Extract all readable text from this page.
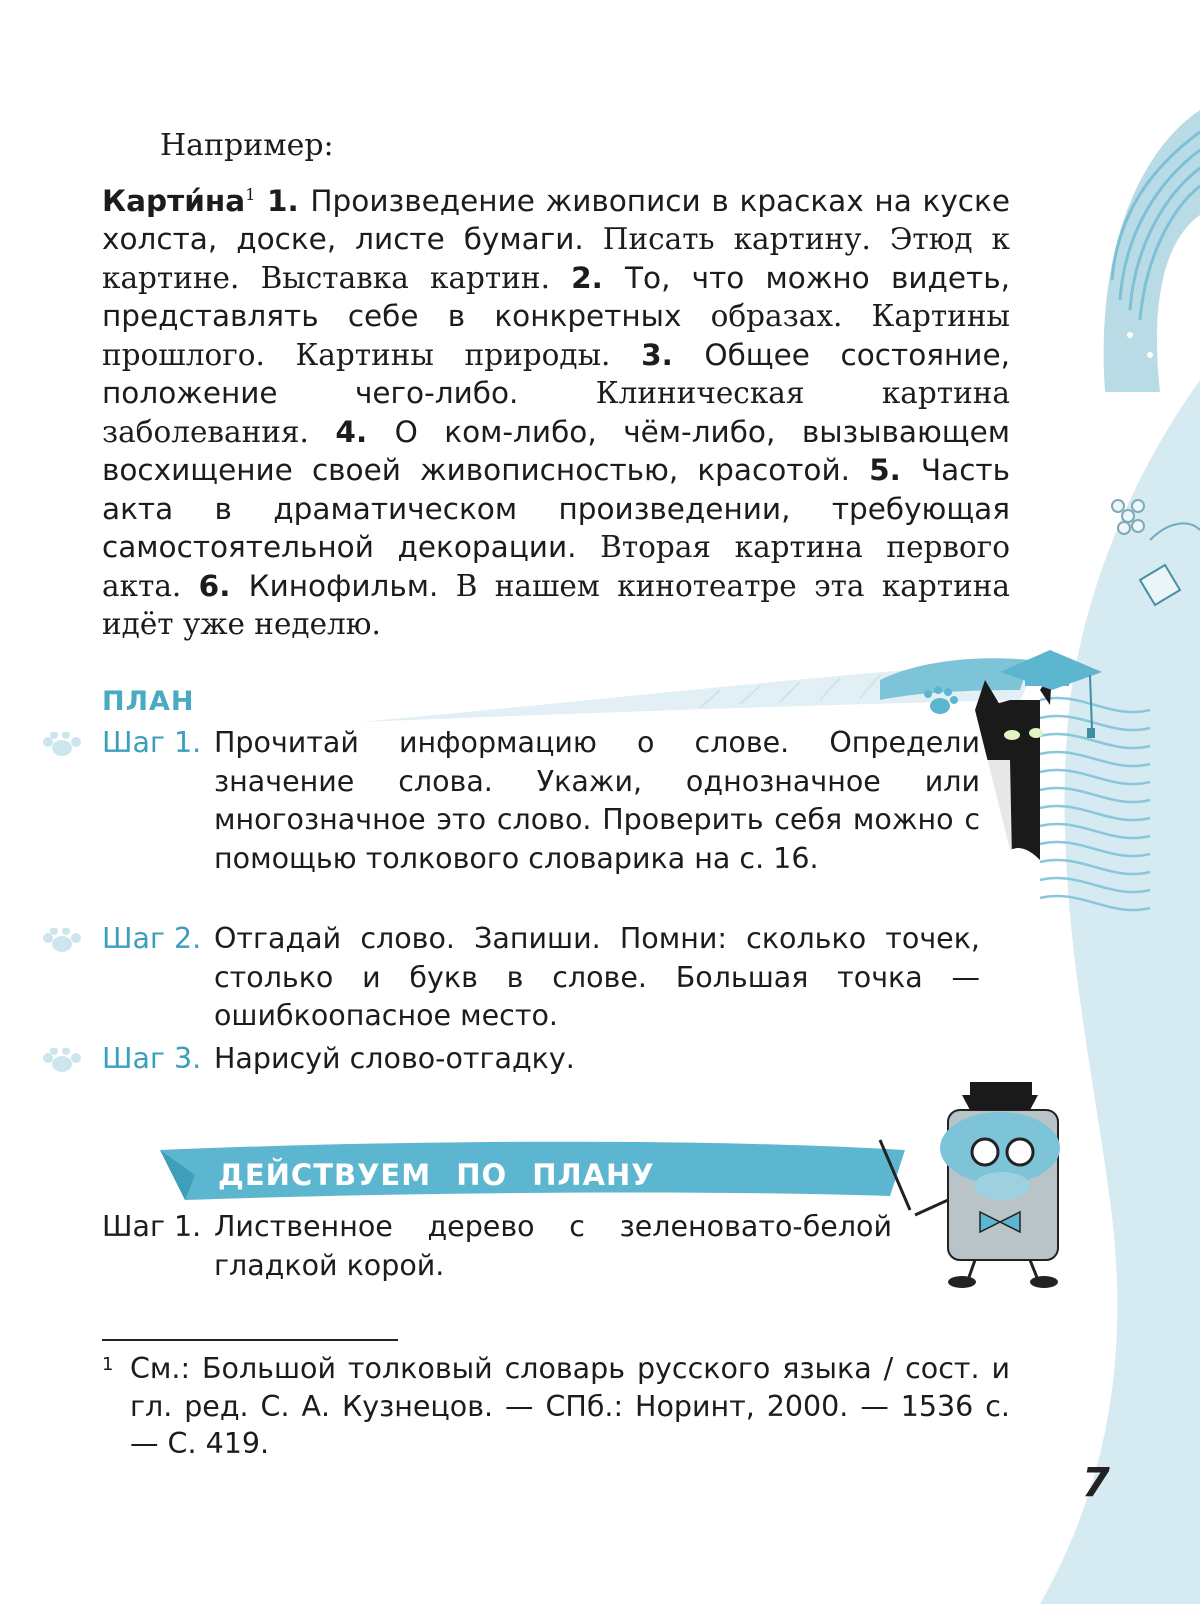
Например:
$Карти́на^1$ 1. Произведение живописи в красках на куске холста, доске, листе бумаги. Писать картину. Этюд к картине. Выставка картин. 2. То, что можно видеть, представлять себе в конкретных образах. Картины прошлого. Картины природы. 3. Общее состояние, положение чего-либо. Клиническая картина заболевания. 4. О ком-либо, чём-либо, вызывающем восхищение своей живописностью, красотой. 5. Часть акта в драматическом произведении, требующая самостоятельной декорации. Вторая картина первого акта. 6. Кинофильм. В нашем кинотеатре эта картина идёт уже неделю.
ПЛАН
Шаг 1. Прочитай информацию о слове. Определи значение слова. Укажи, однозначное или многозначное это слово. Проверить себя можно с помощью толкового словарика на с. 16.
Шаг 2. Отгадай слово. Запиши. Помни: сколько точек, столько и букв в слове. Большая точка — ошибкоопасное место.
Шаг 3. Нарисуй слово-отгадку.
ДЕЙСТВУЕМ ПО ПЛАНУ
Шаг 1. Лиственное дерево с зеленовато-белой гладкой корой.
1 См.: Большой толковый словарь русского языка / сост. и гл. ред. С. А. Кузнецов. — СПб.: Норинт, 2000. — 1536 с. — С. 419.
7
